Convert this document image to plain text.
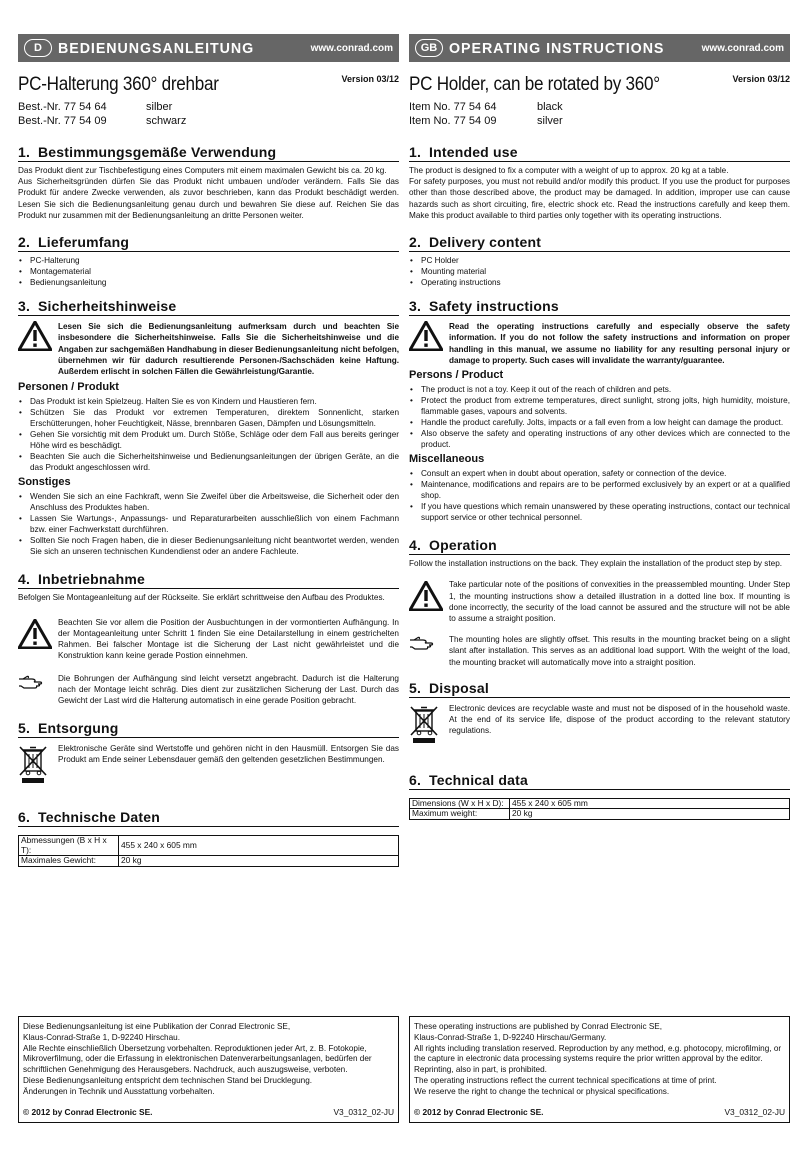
D	BEDIENUNGSANLEITUNG	www.conrad.com
PC-Halterung 360° drehbar	Version 03/12
Best.-Nr. 77 54 64	silber
Best.-Nr. 77 54 09	schwarz
1. Bestimmungsgemäße Verwendung

Das Produkt dient zur Tischbefestigung eines Computers mit einem maximalen Gewicht bis ca. 20 kg.
Aus Sicherheitsgründen dürfen Sie das Produkt nicht umbauen und/oder verändern. Falls Sie das Produkt für andere Zwecke verwenden, als zuvor beschrieben, kann das Produkt beschädigt werden. Lesen Sie sich die Bedienungsanleitung genau durch und bewahren Sie diese auf. Reichen Sie das Produkt nur zusammen mit der Bedienungsanleitung an dritte Personen weiter.

2. Lieferumfang
• PC-Halterung
• Montagematerial
• Bedienungsanleitung
3. Sicherheitshinweise
Lesen Sie sich die Bedienungsanleitung aufmerksam durch und beachten Sie insbesondere die Sicherheitshinweise. Falls Sie die Sicherheitshinweise und die Angaben zur sachgemäßen Handhabung in dieser Bedienungsanleitung nicht befolgen, übernehmen wir für dadurch resultierende Personen-/Sachschäden keine Haftung. Außerdem erlischt in solchen Fällen die Gewährleistung/Garantie.
Personen / Produkt
• Das Produkt ist kein Spielzeug. Halten Sie es von Kindern und Haustieren fern.
• Schützen Sie das Produkt vor extremen Temperaturen, direktem Sonnenlicht, starken Erschütterungen, hoher Feuchtigkeit, Nässe, brennbaren Gasen, Dämpfen und Lösungsmitteln.
• Gehen Sie vorsichtig mit dem Produkt um. Durch Stöße, Schläge oder dem Fall aus bereits geringer Höhe wird es beschädigt.
• Beachten Sie auch die Sicherheitshinweise und Bedienungsanleitungen der übrigen Geräte, an die das Produkt angeschlossen wird.
Sonstiges
• Wenden Sie sich an eine Fachkraft, wenn Sie Zweifel über die Arbeitsweise, die Sicherheit oder den Anschluss des Produktes haben.
• Lassen Sie Wartungs-, Anpassungs- und Reparaturarbeiten ausschließlich von einem Fachmann bzw. einer Fachwerkstatt durchführen.
• Sollten Sie noch Fragen haben, die in dieser Bedienungsanleitung nicht beantwortet werden, wenden Sie sich an unseren technischen Kundendienst oder an andere Fachleute.
4. Inbetriebnahme

Befolgen Sie Montageanleitung auf der Rückseite. Sie erklärt schrittweise den Aufbau des Produktes.

Beachten Sie vor allem die Position der Ausbuchtungen in der vormontierten Aufhängung. In der Montageanleitung unter Schritt 1 finden Sie eine Detailarstellung in einem gestrichelten Rahmen. Bei falscher Montage ist die Sicherung der Last nicht gewährleistet und die Konstruktion kann keine gerade Postion einnehmen.
Die Bohrungen der Aufhängung sind leicht versetzt angebracht. Dadurch ist die Halterung nach der Montage leicht schräg. Dies dient zur zusätzlichen Sicherung der Last. Durch das Gewicht der Last wird die Halterung automatisch in eine gerade Position gebracht.
5. Entsorgung
Elektronische Geräte sind Wertstoffe und gehören nicht in den Hausmüll. Entsorgen Sie das Produkt am Ende seiner Lebensdauer gemäß den geltenden gesetzlichen Bestimmungen.
6. Technische Daten
Abmessungen (B x H x T):	455 x 240 x 605 mm
Maximales Gewicht:	20 kg
GB OPERATING INSTRUCTIONS	www.conrad.com
PC Holder, can be rotated by 360°	Version 03/12
Item No. 77 54 64	black
Item No. 77 54 09	silver
1. Intended use

The product is designed to fix a computer with a weight of up to approx. 20 kg at a table.
For safety purposes, you must not rebuild and/or modify this product. If you use the product for purposes other than those described above, the product may be damaged. In addition, improper use can cause hazards such as short circuiting, fire, electric shock etc. Read the instructions carefully and keep them. Make this product available to third parties only together with its operating instructions.

2. Delivery content
• PC Holder
• Mounting material
• Operating instructions
3. Safety instructions
Read the operating instructions carefully and especially observe the safety information. If you do not follow the safety instructions and information on proper handling in this manual, we assume no liability for any resulting personal injury or damage to property. Such cases will invalidate the warranty/guarantee.
Persons / Product
• The product is not a toy. Keep it out of the reach of children and pets.
• Protect the product from extreme temperatures, direct sunlight, strong jolts, high humidity, moisture, flammable gases, vapours and solvents.
• Handle the product carefully. Jolts, impacts or a fall even from a low height can damage the product.
• Also observe the safety and operating instructions of any other devices which are connected to the product.
Miscellaneous
• Consult an expert when in doubt about operation, safety or connection of the device.
• Maintenance, modifications and repairs are to be performed exclusively by an expert or at a qualified shop.
• If you have questions which remain unanswered by these operating instructions, contact our technical support service or other technical personnel.
4. Operation

Follow the installation instructions on the back. They explain the installation of the product step by step.

Take particular note of the positions of convexities in the preassembled mounting. Under Step 1, the mounting instructions show a detailed illustration in a dotted line box. If mounting is done incorrectly, the security of the load cannot be assured and the structure will not be able to assume a straight position.
The mounting holes are slightly offset. This results in the mounting bracket being on a slight slant after installation. This serves as an additional load support. With the weight of the load, the mounting bracket will automatically move into a straight position.
5. Disposal
Electronic devices are recyclable waste and must not be disposed of in the household waste. At the end of its service life, dispose of the product according to the relevant statutory regulations.
6. Technical data
Dimensions (W x H x D):	455 x 240 x 605 mm
Maximum weight:	20 kg

Diese Bedienungsanleitung ist eine Publikation der Conrad Electronic SE,

Klaus-Conrad-Straße 1, D-92240 Hirschau.

Alle Rechte einschließlich Übersetzung vorbehalten. Reproduktionen jeder Art, z. B. Fotokopie, Mikroverfilmung, oder die Erfassung in elektronischen Datenverarbeitungsanlagen, bedürfen der schriftlichen Genehmigung des Herausgebers. Nachdruck, auch auszugsweise, verboten.

Diese Bedienungsanleitung entspricht dem technischen Stand bei Drucklegung.

Änderungen in Technik und Ausstattung vorbehalten.

© 2012 by Conrad Electronic SE.	V3_0312_02-JU

These operating instructions are published by Conrad Electronic SE,

Klaus-Conrad-Straße 1, D-92240 Hirschau/Germany.

All rights including translation reserved. Reproduction by any method, e.g. photocopy, microfilming, or the capture in electronic data processing systems require the prior written approval by the editor. Reprinting, also in part, is prohibited.

The operating instructions reflect the current technical specifications at time of print.

We reserve the right to change the technical or physical specifications.

© 2012 by Conrad Electronic SE.	V3_0312_02-JU
